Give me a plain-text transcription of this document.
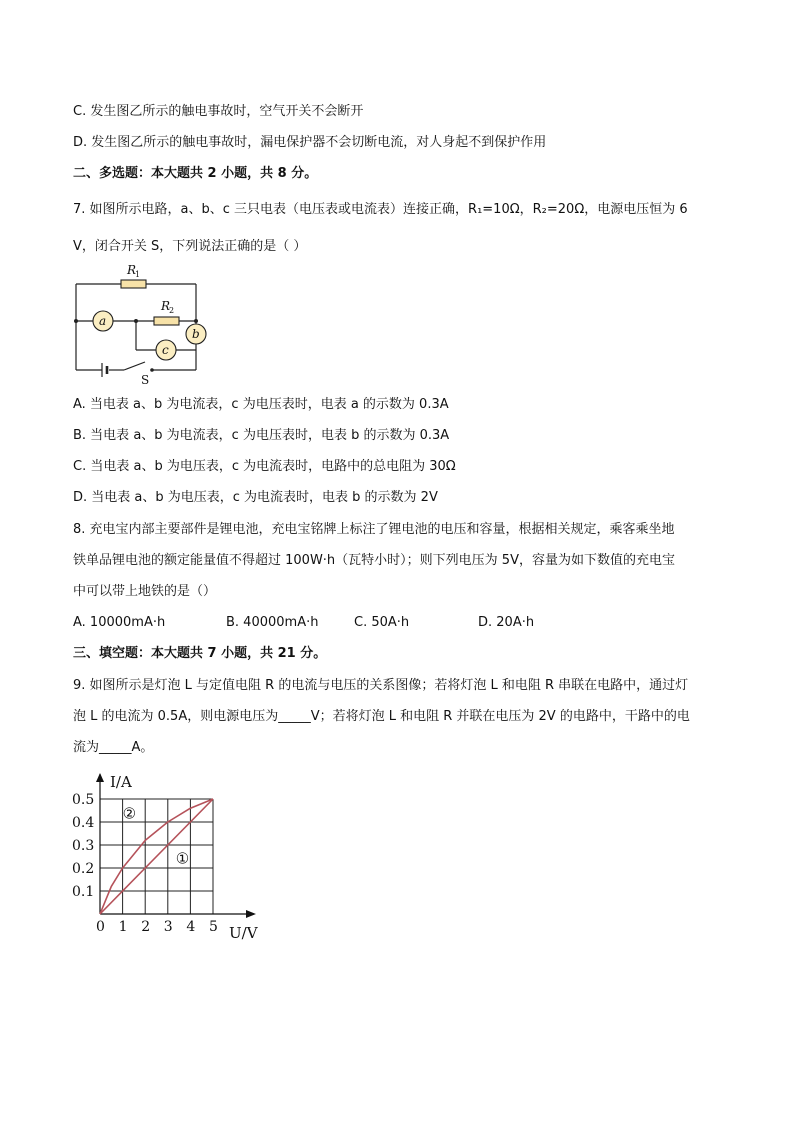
C. 发生图乙所示的触电事故时，空气开关不会断开
D. 发生图乙所示的触电事故时，漏电保护器不会切断电流，对人身起不到保护作用
二、多选题：本大题共 2 小题，共 8 分。
7. 如图所示电路，a、b、c 三只电表（电压表或电流表）连接正确，R₁=10Ω，R₂=20Ω，电源电压恒为 6
V，闭合开关 S，下列说法正确的是（ ）
a
b
c
R
R
1
2
S
A. 当电表 a、b 为电流表，c 为电压表时，电表 a 的示数为 0.3A
B. 当电表 a、b 为电流表，c 为电压表时，电表 b 的示数为 0.3A
C. 当电表 a、b 为电压表，c 为电流表时，电路中的总电阻为 30Ω
D. 当电表 a、b 为电压表，c 为电流表时，电表 b 的示数为 2V
8. 充电宝内部主要部件是锂电池，充电宝铭牌上标注了锂电池的电压和容量，根据相关规定，乘客乘坐地
铁单品锂电池的额定能量值不得超过 100W·h（瓦特小时）；则下列电压为 5V，容量为如下数值的充电宝
中可以带上地铁的是（）
A. 10000mA·h	B. 40000mA·h	C. 50A·h	D. 20A·h
三、填空题：本大题共 7 小题，共 21 分。
9. 如图所示是灯泡 L 与定值电阻 R 的电流与电压的关系图像；若将灯泡 L 和电阻 R 串联在电路中，通过灯
泡 L 的电流为 0.5A，则电源电压为_____V；若将灯泡 L 和电阻 R 并联在电压为 2V 的电路中，干路中的电
流为_____A。
①
②
0 1 2 3 4 5
0.1
0.2
0.3
0.4
0.5
I/A
U/V
